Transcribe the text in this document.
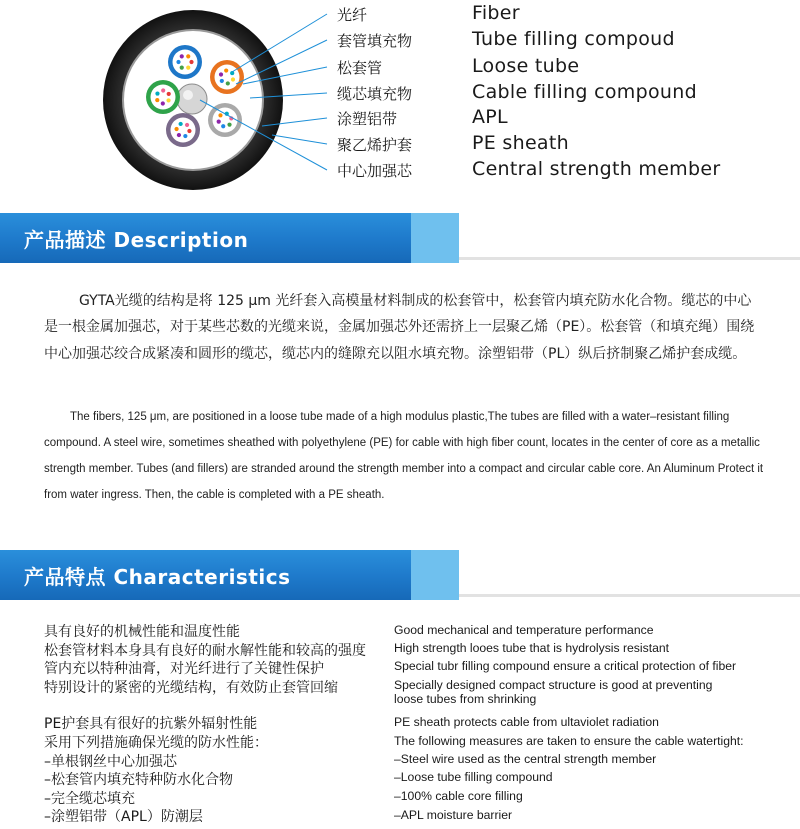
光纤	Fiber
套管填充物	Tube filling compoud
松套管	Loose tube
缆芯填充物	Cable filling compound
涂塑铝带	APL
聚乙烯护套	PE sheath
中心加强芯	Central strength member
产品描述 Description
GYTA光缆的结构是将 125 μm 光纤套入高模量材料制成的松套管中，松套管内填充防水化合物。缆芯的中心是一根金属加强芯，对于某些芯数的光缆来说，金属加强芯外还需挤上一层聚乙烯（PE）。松套管（和填充绳）围绕中心加强芯绞合成紧凑和圆形的缆芯，缆芯内的缝隙充以阻水填充物。涂塑铝带（PL）纵后挤制聚乙烯护套成缆。
The fibers, 125 μm, are positioned in a loose tube made of a high modulus plastic,The tubes are filled with a water–resistant filling compound. A steel wire, sometimes sheathed with polyethylene (PE) for cable with high fiber count, locates in the center of core as a metallic strength member. Tubes (and fillers) are stranded around the strength member into a compact and circular cable core. An Aluminum Protect it from water ingress. Then, the cable is completed with a PE sheath.
产品特点 Characteristics
具有良好的机械性能和温度性能	Good mechanical and temperature performance
松套管材料本身具有良好的耐水解性能和较高的强度 High strength looes tube that is hydrolysis resistant
管内充以特种油膏，对光纤进行了关键性保护	Special tubr filling compound ensure a critical protection of fiber
特别设计的紧密的光缆结构，有效防止套管回缩	Specially designed compact structure is good at preventing loose tubes from shrinking
PE护套具有很好的抗紫外辐射性能	PE sheath protects cable from ultaviolet radiation
采用下列措施确保光缆的防水性能：	The following measures are taken to ensure the cable watertight:
–单根钢丝中心加强芯	–Steel wire used as the central strength member
–松套管内填充特种防水化合物	–Loose tube filling compound
–完全缆芯填充	–100% cable core filling
–涂塑铝带（APL）防潮层	–APL moisture barrier
